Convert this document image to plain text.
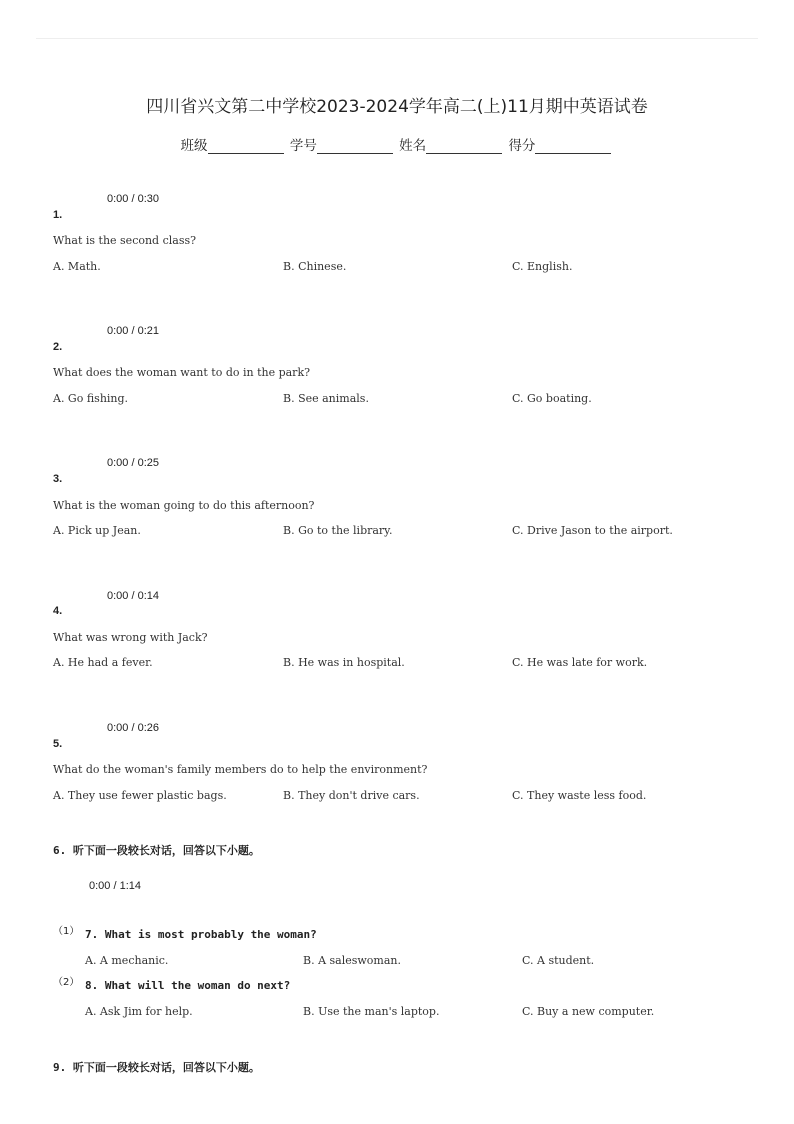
四川省兴文第二中学校2023-2024学年高二(上)11月期中英语试卷
班级	学号	姓名	得分
0:00 / 0:30
1.
What is the second class?
A. Math.	B. Chinese.	C. English.
0:00 / 0:21
2.
What does the woman want to do in the park?
A. Go fishing.	B. See animals.	C. Go boating.
0:00 / 0:25
3.
What is the woman going to do this afternoon?
A. Pick up Jean.	B. Go to the library.	C. Drive Jason to the airport.
0:00 / 0:14
4.
What was wrong with Jack?
A. He had a fever.	B. He was in hospital.	C. He was late for work.
0:00 / 0:26
5.
What do the woman's family members do to help the environment?
A. They use fewer plastic bags.	B. They don't drive cars.	C. They waste less food.
6. 听下面一段较长对话，回答以下小题。
0:00 / 1:14
（1） 7. What is most probably the woman?
A. A mechanic.	B. A saleswoman.	C. A student.
（2） 8. What will the woman do next?
A. Ask Jim for help.	B. Use the man's laptop.	C. Buy a new computer.
9. 听下面一段较长对话，回答以下小题。
